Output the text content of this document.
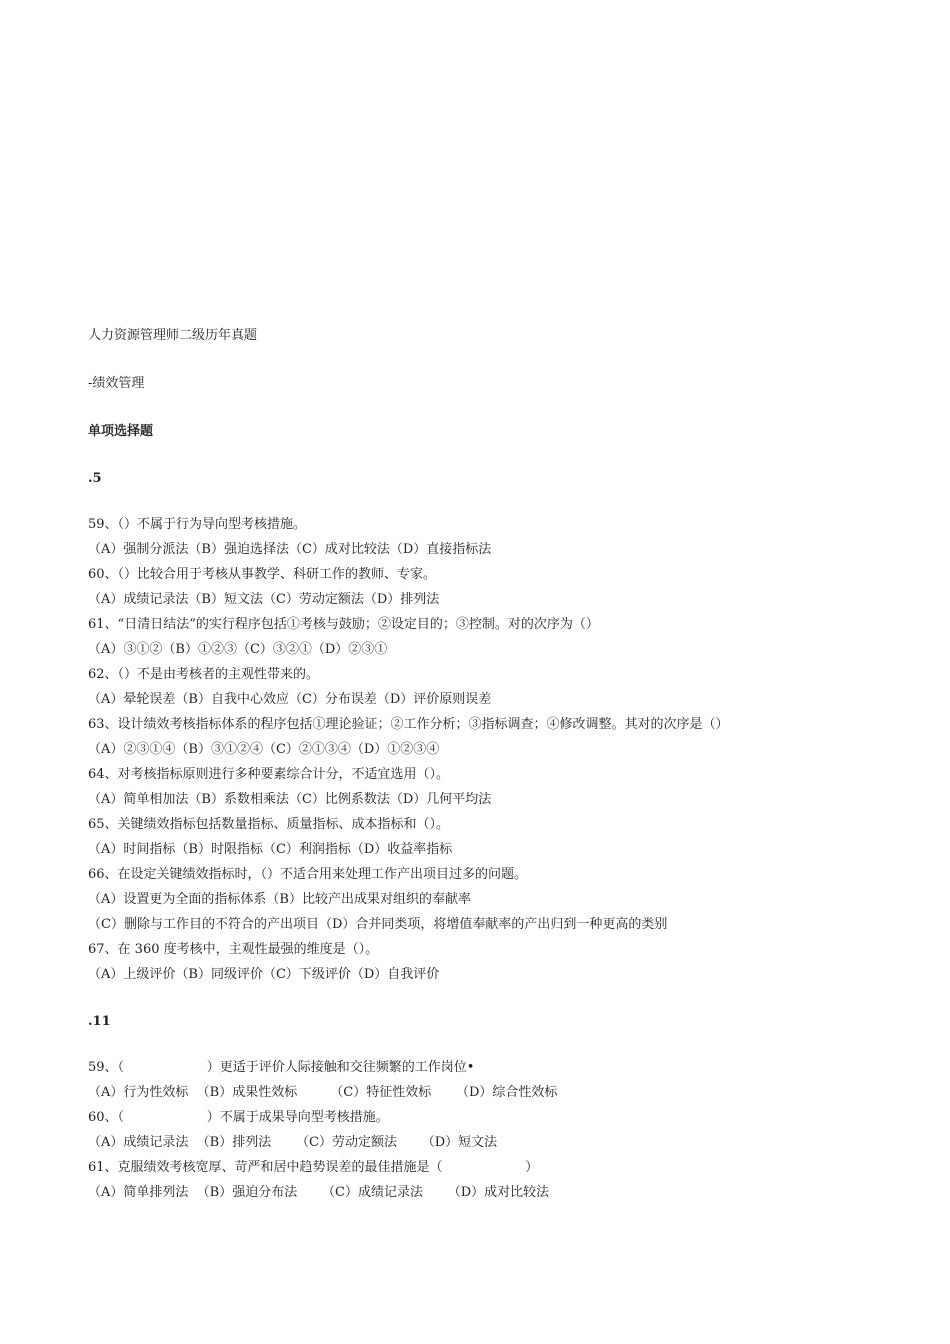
人力资源管理师二级历年真题
-绩效管理
单项选择题
.5
59、（）不属于行为导向型考核措施。
（A）强制分派法（B）强迫选择法（C）成对比较法（D）直接指标法
60、（）比较合用于考核从事教学、科研工作的教师、专家。
（A）成绩记录法（B）短文法（C）劳动定额法（D）排列法
61、“日清日结法”的实行程序包括①考核与鼓励；②设定目的；③控制。对的次序为（）
（A）③①②（B）①②③（C）③②①（D）②③①
62、（）不是由考核者的主观性带来的。
（A）晕轮误差（B）自我中心效应（C）分布误差（D）评价原则误差
63、设计绩效考核指标体系的程序包括①理论验证；②工作分析；③指标调查；④修改调整。其对的次序是（）
（A）②③①④（B）③①②④（C）②①③④（D）①②③④
64、对考核指标原则进行多种要素综合计分，不适宜选用（）。
（A）简单相加法（B）系数相乘法（C）比例系数法（D）几何平均法
65、关键绩效指标包括数量指标、质量指标、成本指标和（）。
（A）时间指标（B）时限指标（C）利润指标（D）收益率指标
66、在设定关键绩效指标时，（）不适合用来处理工作产出项目过多的问题。
（A）设置更为全面的指标体系（B）比较产出成果对组织的奉献率
（C）删除与工作目的不符合的产出项目（D）合并同类项，将增值奉献率的产出归到一种更高的类别
67、在 360 度考核中，主观性最强的维度是（）。
（A）上级评价（B）同级评价（C）下级评价（D）自我评价
.11
59、（                    ）更适于评价人际接触和交往频繁的工作岗位•
（A）行为性效标  （B）成果性效标        （C）特征性效标      （D）综合性效标
60、（                    ）不属于成果导向型考核措施。
（A）成绩记录法  （B）排列法      （C）劳动定额法      （D）短文法
61、克服绩效考核宽厚、苛严和居中趋势误差的最佳措施是（                    ）
（A）简单排列法  （B）强迫分布法      （C）成绩记录法      （D）成对比较法
